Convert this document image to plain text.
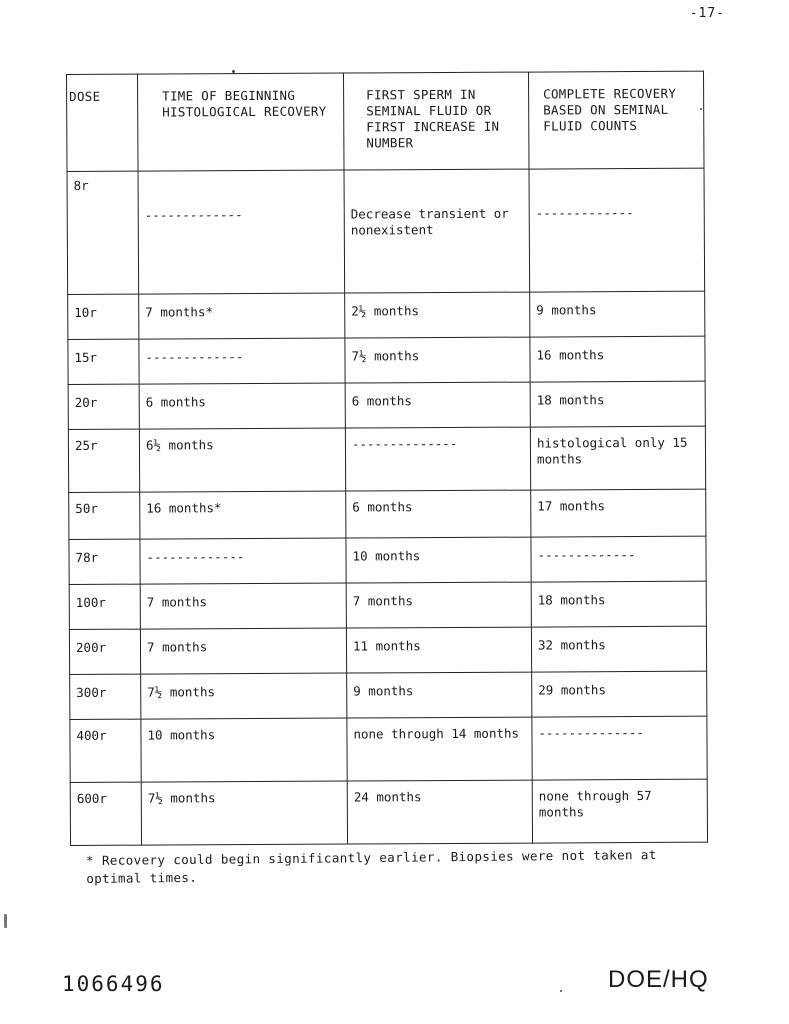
-17-
DOSE	TIME OF BEGINNING HISTOLOGICAL RECOVERY	FIRST SPERM IN SEMINAL FLUID OR FIRST INCREASE IN NUMBER	COMPLETE RECOVERY BASED ON SEMINAL FLUID COUNTS
8r	-------------	Decrease transient or nonexistent	-------------
10r	7 months*	2½ months	9 months
15r	-------------	7½ months	16 months
20r	6 months	6 months	18 months
25r	6½ months	--------------	histological only 15 months
50r	16 months*	6 months	17 months
78r	-------------	10 months	-------------
100r	7 months	7 months	18 months
200r	7 months	11 months	32 months
300r	7½ months	9 months	29 months
400r	10 months	none through 14 months	--------------
600r	7½ months	24 months	none through 57 months
* Recovery could begin significantly earlier. Biopsies were not taken at optimal times.
1066496	DOE/HQ
